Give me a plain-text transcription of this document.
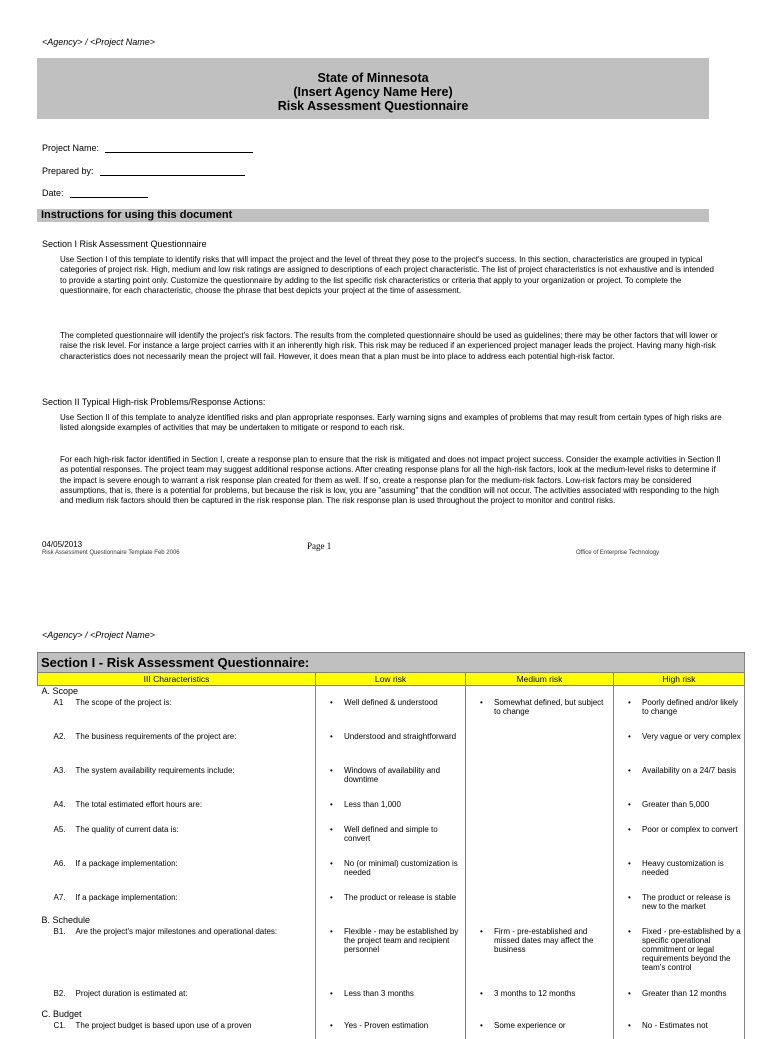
<Agency> / <Project Name>
State of Minnesota
(Insert Agency Name Here)
Risk Assessment Questionnaire
Project Name:
Prepared by:
Date:
Instructions for using this document
Section I Risk Assessment Questionnaire
Use Section I of this template to identify risks that will impact the project and the level of threat they pose to the project's success. In this section, characteristics are grouped in typical categories of project risk. High, medium and low risk ratings are assigned to descriptions of each project characteristic. The list of project characteristics is not exhaustive and is intended to provide a starting point only. Customize the questionnaire by adding to the list specific risk characteristics or criteria that apply to your organization or project. To complete the questionnaire, for each characteristic, choose the phrase that best depicts your project at the time of assessment.
The completed questionnaire will identify the project's risk factors. The results from the completed questionnaire should be used as guidelines; there may be other factors that will lower or raise the risk level. For instance a large project carries with it an inherently high risk. This risk may be reduced if an experienced project manager leads the project. Having many high-risk characteristics does not necessarily mean the project will fail. However, it does mean that a plan must be into place to address each potential high-risk factor.
Section II Typical High-risk Problems/Response Actions:
Use Section II of this template to analyze identified risks and plan appropriate responses. Early warning signs and examples of problems that may result from certain types of high risks are listed alongside examples of activities that may be undertaken to mitigate or respond to each risk.
For each high-risk factor identified in Section I, create a response plan to ensure that the risk is mitigated and does not impact project success. Consider the example activities in Section II as potential responses. The project team may suggest additional response actions. After creating response plans for all the high-risk factors, look at the medium-level risks to determine if the impact is severe enough to warrant a risk response plan created for them as well. If so, create a response plan for the medium-risk factors. Low-risk factors may be considered assumptions, that is, there is a potential for problems, but because the risk is low, you are "assuming" that the condition will not occur. The activities associated with responding to the high and medium risk factors should then be captured in the risk response plan. The risk response plan is used throughout the project to monitor and control risks.
04/05/2013
Risk Assessment Questionnaire Template Feb 2006
Page 1
Office of Enterprise Technology
<Agency> / <Project Name>
Section I - Risk Assessment Questionnaire:				
III Characteristics		Low risk	Medium risk	High risk
A. Scope				
A1	The scope of the project is:	• Well defined & understood	• Somewhat defined, but subject to change	• Poorly defined and/or likely to change

A2.	The business requirements of the project are:	• Understood and straightforward		• Very vague or very complex

A3.	The system availability requirements include:	• Windows of availability and downtime		• Availability on a 24/7 basis

A4.	The total estimated effort hours are:	• Less than 1,000		• Greater than 5,000

A5.	The quality of current data is:	• Well defined and simple to convert		• Poor or complex to convert

A6.	If a package implementation:	• No (or minimal) customization is needed		• Heavy customization is needed

A7.	If a package implementation:	• The product or release is stable		• The product or release is new to the market

B. Schedule				
B1.	Are the project's major milestones and operational dates:	• Flexible - may be established by the project team and recipient personnel	• Firm - pre-established and missed dates may affect the business	• Fixed - pre-established by a specific operational commitment or legal requirements beyond the team's control

B2.	Project duration is estimated at:	• Less than 3 months	• 3 months to 12 months	• Greater than 12 months

C. Budget				
C1.	The project budget is based upon use of a proven	• Yes - Proven estimation	• Some experience or	• No - Estimates not
